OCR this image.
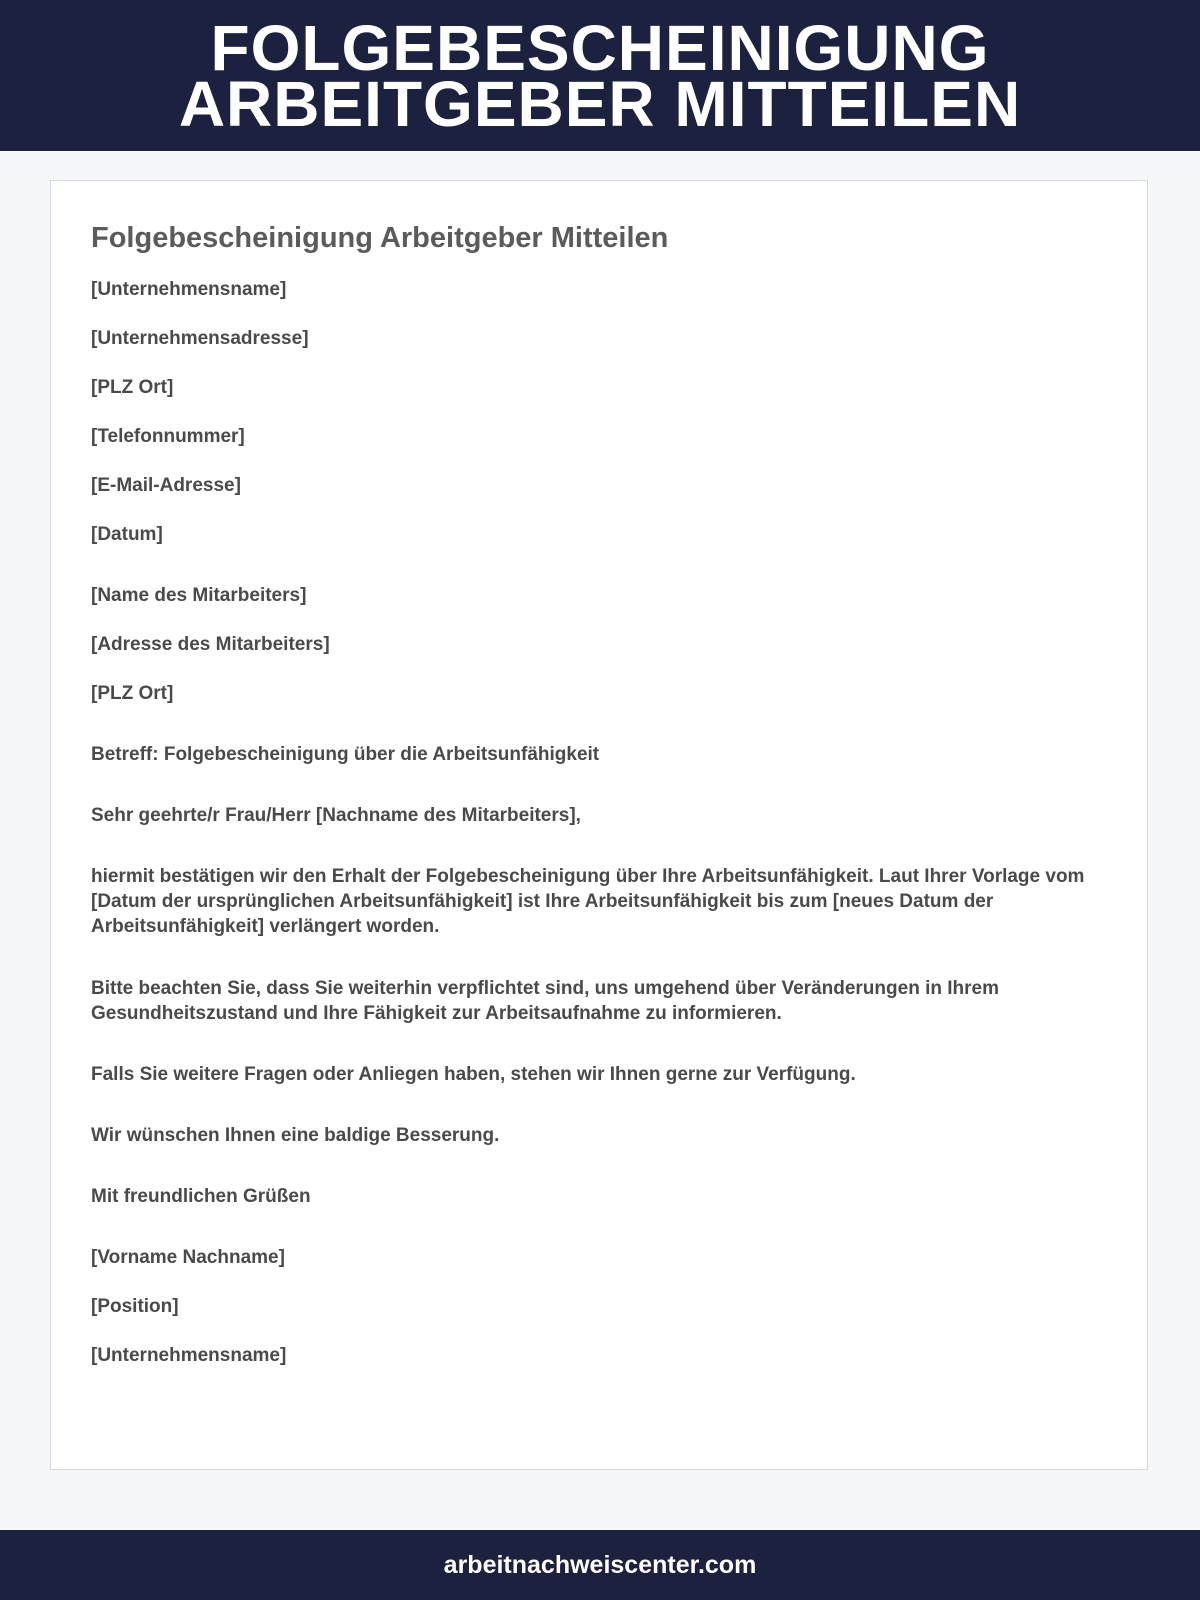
FOLGEBESCHEINIGUNG
ARBEITGEBER MITTEILEN
Folgebescheinigung Arbeitgeber Mitteilen
[Unternehmensname]
[Unternehmensadresse]
[PLZ Ort]
[Telefonnummer]
[E-Mail-Adresse]
[Datum]
[Name des Mitarbeiters]
[Adresse des Mitarbeiters]
[PLZ Ort]
Betreff: Folgebescheinigung über die Arbeitsunfähigkeit
Sehr geehrte/r Frau/Herr [Nachname des Mitarbeiters],
hiermit bestätigen wir den Erhalt der Folgebescheinigung über Ihre Arbeitsunfähigkeit. Laut Ihrer Vorlage vom [Datum der ursprünglichen Arbeitsunfähigkeit] ist Ihre Arbeitsunfähigkeit bis zum [neues Datum der Arbeitsunfähigkeit] verlängert worden.
Bitte beachten Sie, dass Sie weiterhin verpflichtet sind, uns umgehend über Veränderungen in Ihrem Gesundheitszustand und Ihre Fähigkeit zur Arbeitsaufnahme zu informieren.
Falls Sie weitere Fragen oder Anliegen haben, stehen wir Ihnen gerne zur Verfügung.
Wir wünschen Ihnen eine baldige Besserung.
Mit freundlichen Grüßen
[Vorname Nachname]
[Position]
[Unternehmensname]
arbeitnachweiscenter.com
